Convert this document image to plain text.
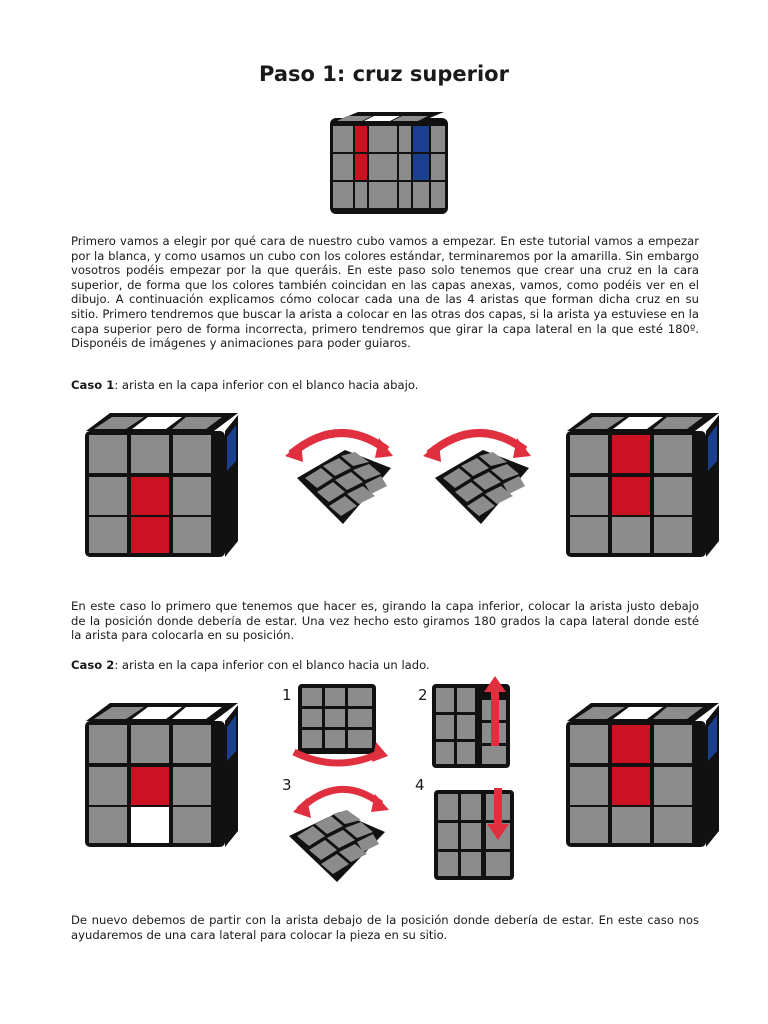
Paso 1: cruz superior

Primero vamos a elegir por qué cara de nuestro cubo vamos a empezar. En este tutorial vamos a empezar por la blanca, y como usamos un cubo con los colores estándar, terminaremos por la amarilla. Sin embargo vosotros podéis empezar por la que queráis. En este paso solo tenemos que crear una cruz en la cara superior, de forma que los colores también coincidan en las capas anexas, vamos, como podéis ver en el dibujo. A continuación explicamos cómo colocar cada una de las 4 aristas que forman dicha cruz en su sitio. Primero tendremos que buscar la arista a colocar en las otras dos capas, si la arista ya estuviese en la capa superior pero de forma incorrecta, primero tendremos que girar la capa lateral en la que esté 180º. Disponéis de imágenes y animaciones para poder guiaros.

Caso 1: arista en la capa inferior con el blanco hacia abajo.

En este caso lo primero que tenemos que hacer es, girando la capa inferior, colocar la arista justo debajo de la posición donde debería de estar. Una vez hecho esto giramos 180 grados la capa lateral donde esté la arista para colocarla en su posición.

Caso 2: arista en la capa inferior con el blanco hacia un lado.

1	2
3	4

De nuevo debemos de partir con la arista debajo de la posición donde debería de estar. En este caso nos ayudaremos de una cara lateral para colocar la pieza en su sitio.
